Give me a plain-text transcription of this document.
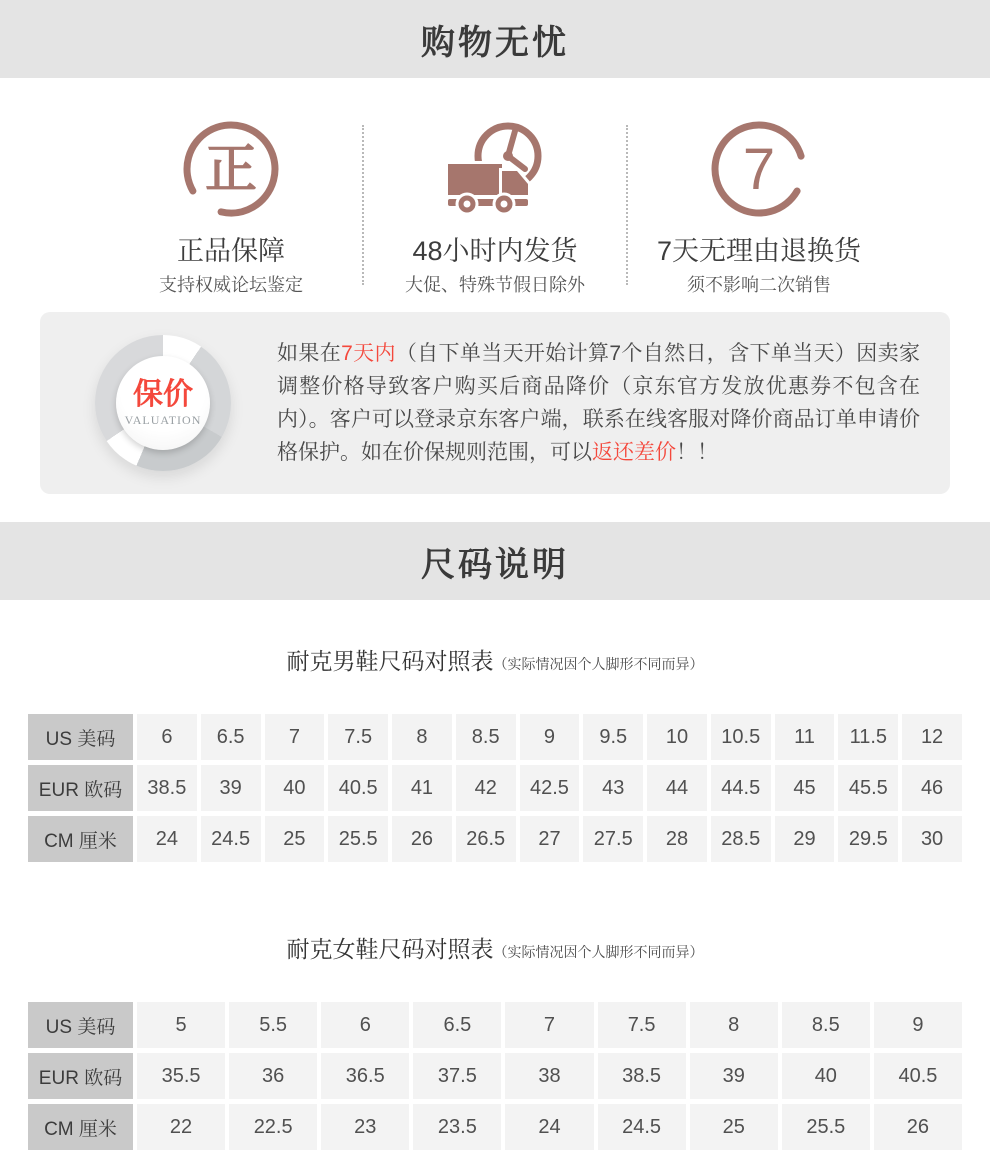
购物无忧
正
正品保障
支持权威论坛鉴定
48小时内发货
大促、特殊节假日除外
7
7天无理由退换货
须不影响二次销售
保价
VALUATION
如果在7天内（自下单当天开始计算7个自然日，含下单当天）因卖家调整价格导致客户购买后商品降价（京东官方发放优惠券不包含在内）。客户可以登录京东客户端，联系在线客服对降价商品订单申请价格保护。如在价保规则范围，可以返还差价！！
尺码说明
耐克男鞋尺码对照表（实际情况因个人脚形不同而异）
US 美码	6	6.5	7	7.5	8	8.5	9	9.5	10	10.5	11	11.5	12
EUR 欧码	38.5	39	40	40.5	41	42	42.5	43	44	44.5	45	45.5	46
CM 厘米	24	24.5	25	25.5	26	26.5	27	27.5	28	28.5	29	29.5	30
耐克女鞋尺码对照表（实际情况因个人脚形不同而异）
US 美码	5	5.5	6	6.5	7	7.5	8	8.5	9
EUR 欧码	35.5	36	36.5	37.5	38	38.5	39	40	40.5
CM 厘米	22	22.5	23	23.5	24	24.5	25	25.5	26
